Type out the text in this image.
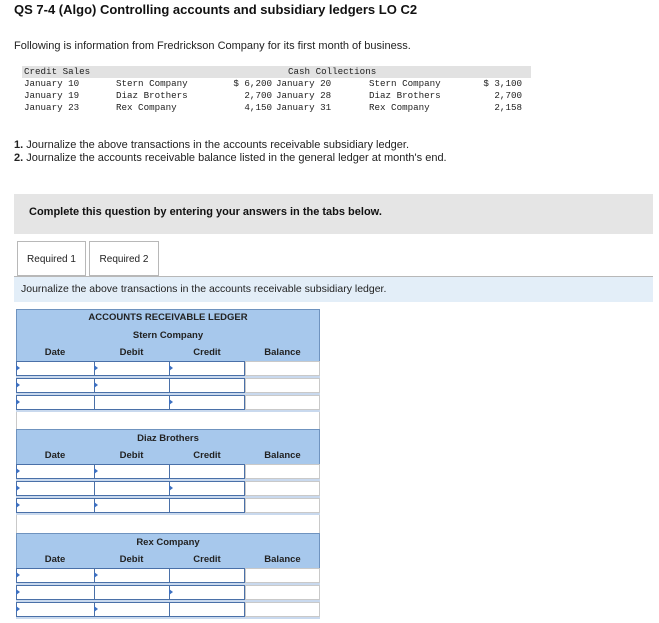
QS 7-4 (Algo) Controlling accounts and subsidiary ledgers LO C2
Following is information from Fredrickson Company for its first month of business.
Credit Sales	Cash Collections
January 10	Stern Company	$ 6,200 January 20	Stern Company	$ 3,100
January 19	Diaz Brothers	2,700 January 28	Diaz Brothers	2,700
January 23	Rex Company	4,150 January 31	Rex Company	2,158
1. Journalize the above transactions in the accounts receivable subsidiary ledger.
2. Journalize the accounts receivable balance listed in the general ledger at month's end.
Complete this question by entering your answers in the tabs below.
Required 1	Required 2
Journalize the above transactions in the accounts receivable subsidiary ledger.
ACCOUNTS RECEIVABLE LEDGER
Stern Company
Date	Debit	Credit	Balance
Diaz Brothers
Date	Debit	Credit	Balance
Rex Company
Date	Debit	Credit	Balance
